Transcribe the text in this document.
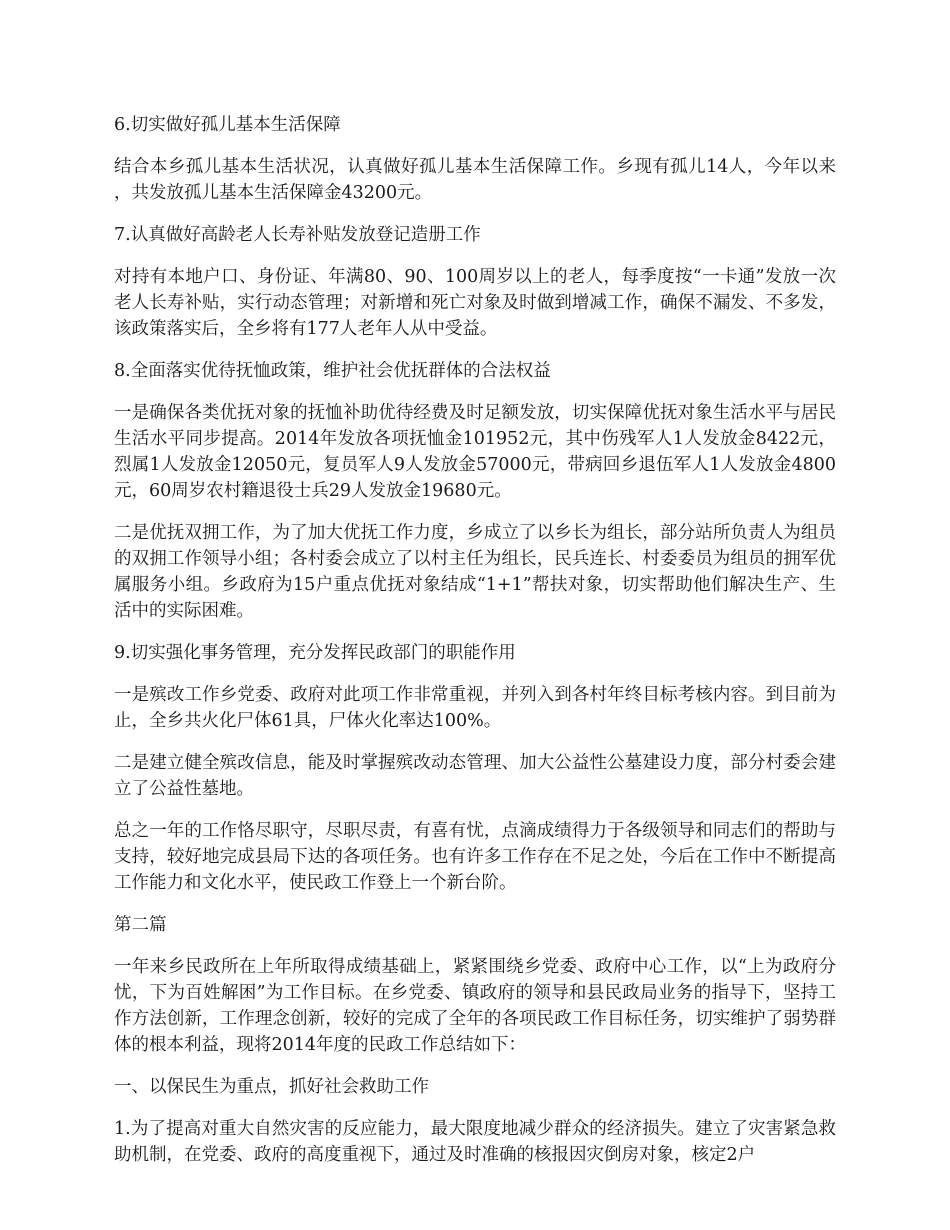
6.切实做好孤儿基本生活保障

结合本乡孤儿基本生活状况，认真做好孤儿基本生活保障工作。乡现有孤儿14人，今年以来，共发放孤儿基本生活保障金43200元。

7.认真做好高龄老人长寿补贴发放登记造册工作

对持有本地户口、身份证、年满80、90、100周岁以上的老人，每季度按“一卡通”发放一次老人长寿补贴，实行动态管理；对新增和死亡对象及时做到增减工作，确保不漏发、不多发，该政策落实后，全乡将有177人老年人从中受益。

8.全面落实优待抚恤政策，维护社会优抚群体的合法权益

一是确保各类优抚对象的抚恤补助优待经费及时足额发放，切实保障优抚对象生活水平与居民生活水平同步提高。2014年发放各项抚恤金101952元，其中伤残军人1人发放金8422元，烈属1人发放金12050元，复员军人9人发放金57000元，带病回乡退伍军人1人发放金4800元，60周岁农村籍退役士兵29人发放金19680元。

二是优抚双拥工作，为了加大优抚工作力度，乡成立了以乡长为组长，部分站所负责人为组员的双拥工作领导小组；各村委会成立了以村主任为组长，民兵连长、村委委员为组员的拥军优属服务小组。乡政府为15户重点优抚对象结成“1+1”帮扶对象，切实帮助他们解决生产、生活中的实际困难。

9.切实强化事务管理，充分发挥民政部门的职能作用

一是殡改工作乡党委、政府对此项工作非常重视，并列入到各村年终目标考核内容。到目前为止，全乡共火化尸体61具，尸体火化率达100%。

二是建立健全殡改信息，能及时掌握殡改动态管理、加大公益性公墓建设力度，部分村委会建立了公益性墓地。

总之一年的工作恪尽职守，尽职尽责，有喜有忧，点滴成绩得力于各级领导和同志们的帮助与支持，较好地完成县局下达的各项任务。也有许多工作存在不足之处，今后在工作中不断提高工作能力和文化水平，使民政工作登上一个新台阶。

第二篇

一年来乡民政所在上年所取得成绩基础上，紧紧围绕乡党委、政府中心工作，以“上为政府分忧，下为百姓解困”为工作目标。在乡党委、镇政府的领导和县民政局业务的指导下，坚持工作方法创新，工作理念创新，较好的完成了全年的各项民政工作目标任务，切实维护了弱势群体的根本利益，现将2014年度的民政工作总结如下：

一、以保民生为重点，抓好社会救助工作

1.为了提高对重大自然灾害的反应能力，最大限度地减少群众的经济损失。建立了灾害紧急救助机制，在党委、政府的高度重视下，通过及时准确的核报因灾倒房对象，核定2户
